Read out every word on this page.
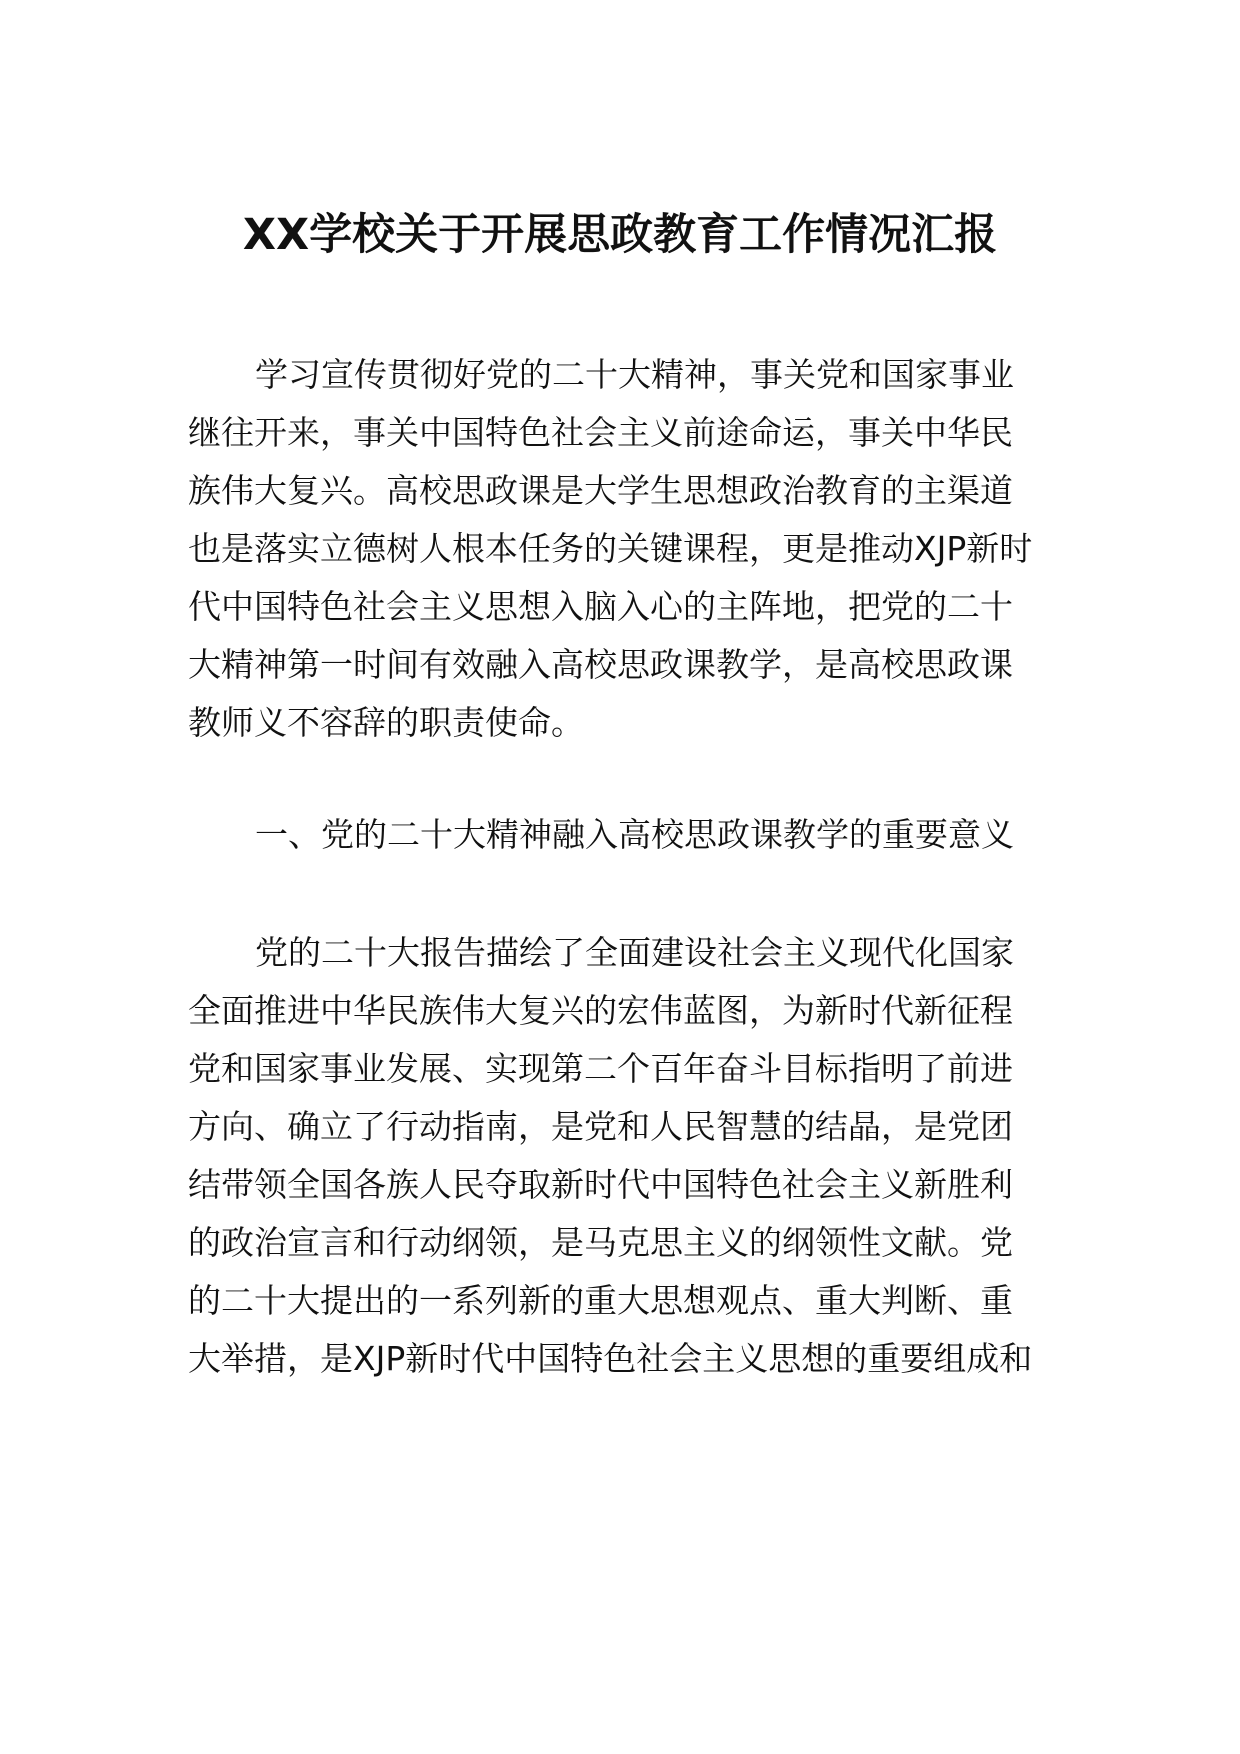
XX学校关于开展思政教育工作情况汇报
学习宣传贯彻好党的二十大精神，事关党和国家事业
继往开来，事关中国特色社会主义前途命运，事关中华民
族伟大复兴。高校思政课是大学生思想政治教育的主渠道
也是落实立德树人根本任务的关键课程，更是推动XJP新时
代中国特色社会主义思想入脑入心的主阵地，把党的二十
大精神第一时间有效融入高校思政课教学，是高校思政课
教师义不容辞的职责使命。
一、党的二十大精神融入高校思政课教学的重要意义
党的二十大报告描绘了全面建设社会主义现代化国家
全面推进中华民族伟大复兴的宏伟蓝图，为新时代新征程
党和国家事业发展、实现第二个百年奋斗目标指明了前进
方向、确立了行动指南，是党和人民智慧的结晶，是党团
结带领全国各族人民夺取新时代中国特色社会主义新胜利
的政治宣言和行动纲领，是马克思主义的纲领性文献。党
的二十大提出的一系列新的重大思想观点、重大判断、重
大举措，是XJP新时代中国特色社会主义思想的重要组成和
